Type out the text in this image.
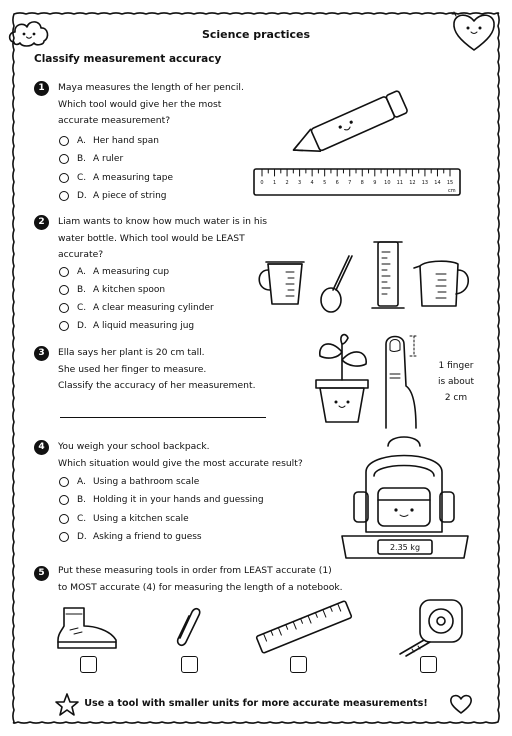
Science practices
Classify measurement accuracy
1	Maya measures the length of her pencil.
Which tool would give her the most
accurate measurement?
A. Her hand span
B. A ruler
C. A measuring tape
D. A piece of string
0 1 2 3 4 5 6 7 8 9 10 11 12 13 14 15
cm
2	Liam wants to know how much water is in his
water bottle. Which tool would be LEAST
accurate?
A. A measuring cup
B. A kitchen spoon
C. A clear measuring cylinder
D. A liquid measuring jug
3	Ella says her plant is 20 cm tall.
She used her finger to measure.
Classify the accuracy of her measurement.
1 finger
is about
2 cm
4	You weigh your school backpack.
Which situation would give the most accurate result?
A. Using a bathroom scale
B. Holding it in your hands and guessing
C. Using a kitchen scale
D. Asking a friend to guess
2.35 kg
5	Put these measuring tools in order from LEAST accurate (1)
to MOST accurate (4) for measuring the length of a notebook.
Use a tool with smaller units for more accurate measurements!
